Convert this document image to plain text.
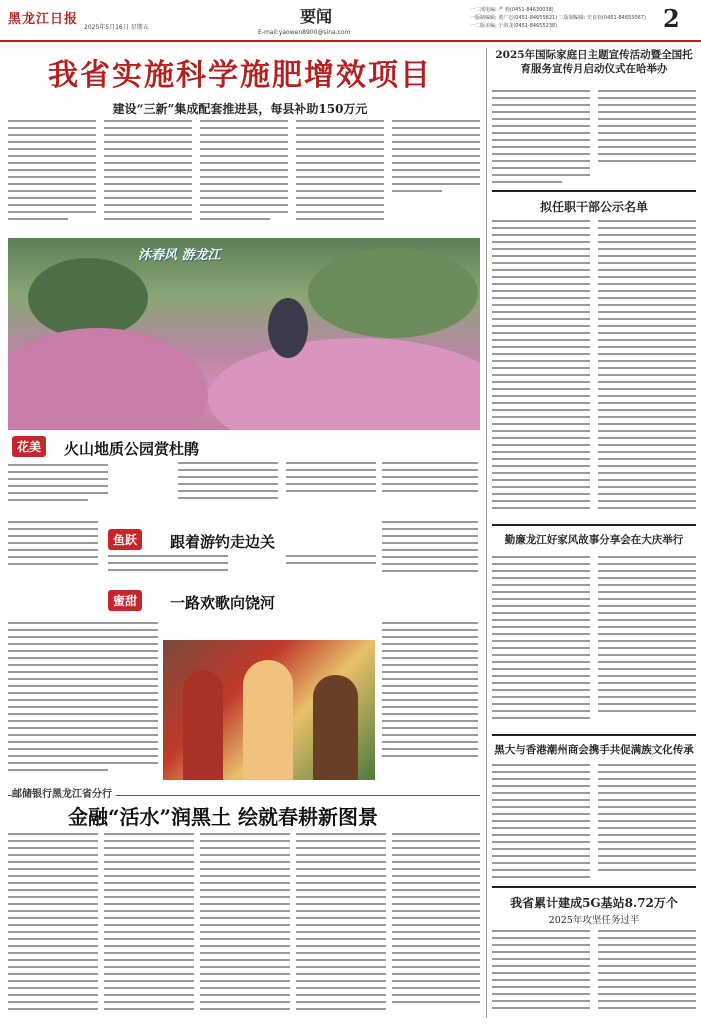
黑龙江日报
2025年5月16日 星期五
要闻
E-mail:yaowen8900@sina.com
一二部电编: 严 莉(0451-84630038)
一版制编辑: 黄广志(0451-84655621) 二版制编辑: 史良钧(0451-84655067)
一二版美编: 于海龙(0451-84655238)	2
我省实施科学施肥增效项目
建设“三新”集成配套推进县，每县补助150万元
沐春风 游龙江
花美	火山地质公园赏杜鹃
鱼跃	跟着游钓走边关
蜜甜	一路欢歌向饶河
邮储银行黑龙江省分行
金融“活水”润黑土 绘就春耕新图景
2025年国际家庭日主题宣传活动暨全国托育服务宣传月启动仪式在哈举办
拟任职干部公示名单
勤廉龙江好家风故事分享会在大庆举行
黑大与香港潮州商会携手共促满族文化传承
我省累计建成5G基站8.72万个
2025年攻坚任务过半
